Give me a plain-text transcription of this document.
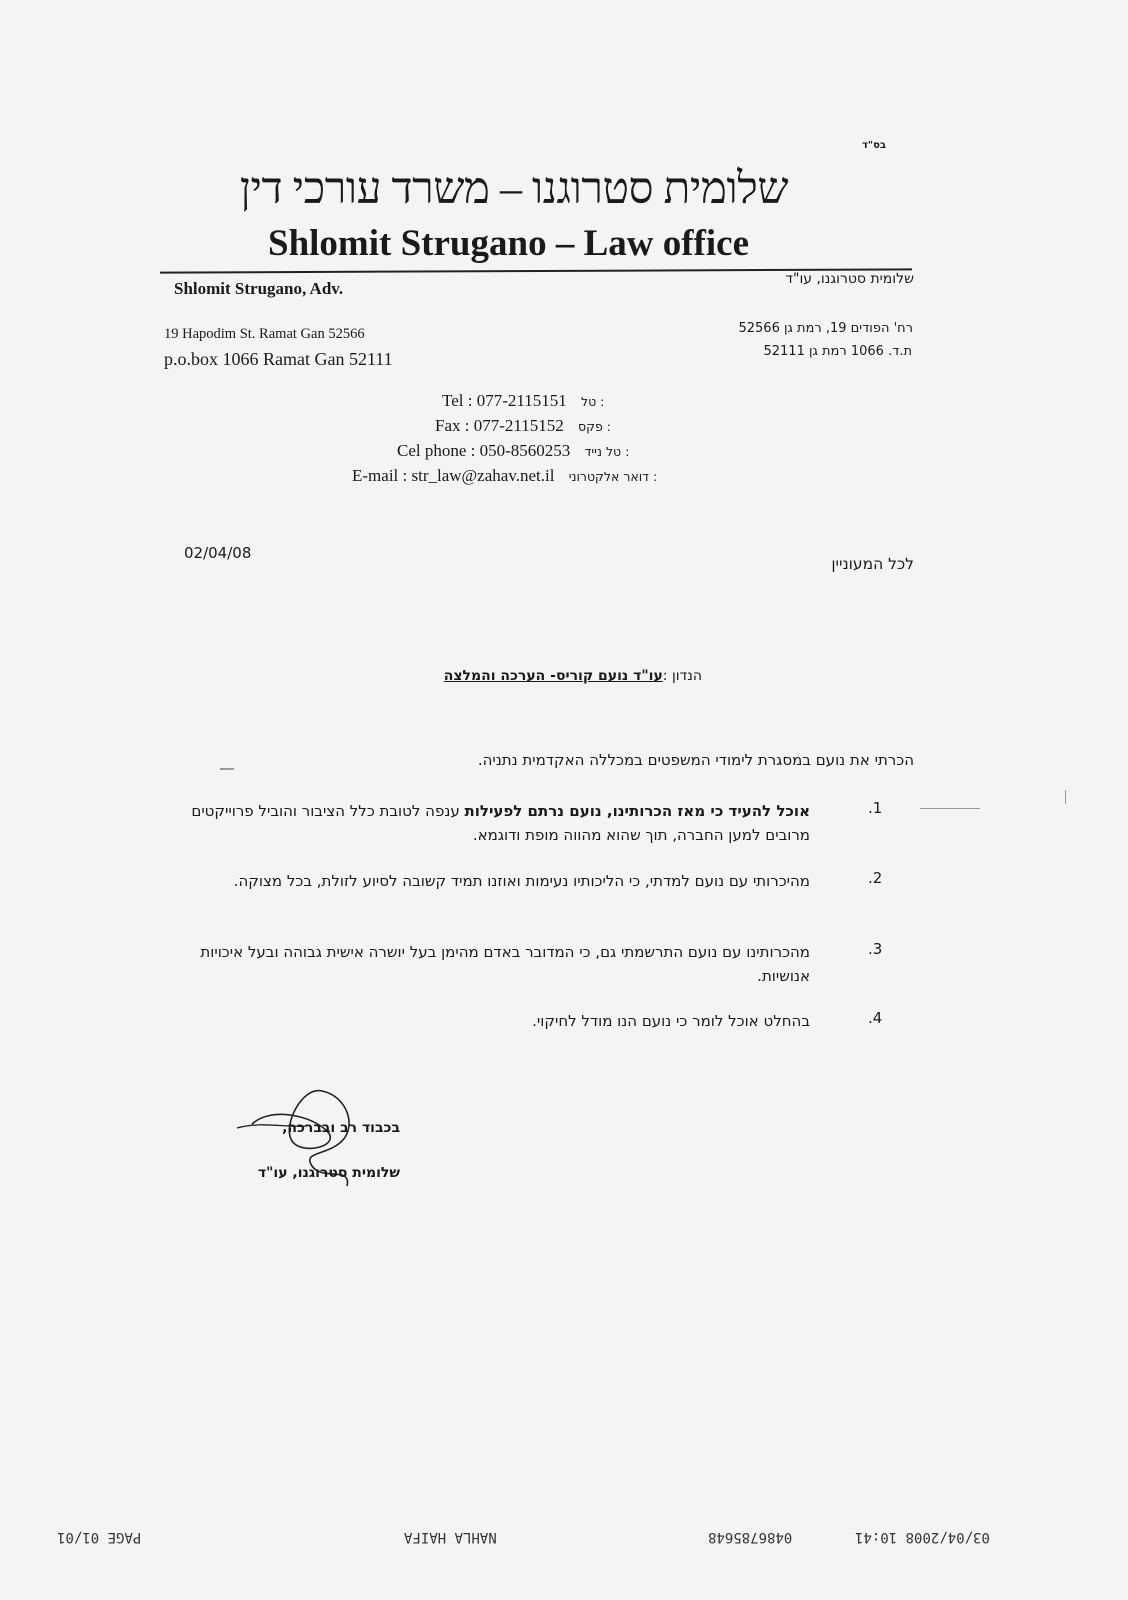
בס"ד
שלומית סטרוגנו – משרד עורכי דין
Shlomit Strugano – Law office
Shlomit Strugano, Adv.	שלומית סטרוגנו, עו"ד
19 Hapodim St. Ramat Gan 52566
p.o.box 1066 Ramat Gan 52111
רח' הפודים 19, רמת גן 52566
ת.ד. 1066 רמת גן 52111
Tel : 077-2115151 : טל
Fax : 077-2115152 : פקס
Cel phone : 050-8560253 : טל נייד
E-mail : str_law@zahav.net.il : דואר אלקטרוני
02/04/08
לכל המעוניין
הנדון :עו"ד נועם קוריס- הערכה והמלצה
הכרתי את נועם במסגרת לימודי המשפטים במכללה האקדמית נתניה.
.1
אוכל להעיד כי מאז הכרותינו, נועם נרתם לפעילות ענפה לטובת כלל הציבור והוביל פרוייקטים מרובים למען החברה, תוך שהוא מהווה מופת ודוגמא.
.2
מהיכרותי עם נועם למדתי, כי הליכותיו נעימות ואוזנו תמיד קשובה לסיוע לזולת, בכל מצוקה.
.3
מהכרותינו עם נועם התרשמתי גם, כי המדובר באדם מהימן בעל יושרה אישית גבוהה ובעל איכויות אנושיות.
.4
בהחלט אוכל לומר כי נועם הנו מודל לחיקוי.
בכבוד רב ובברכה,
שלומית סטרוגנו, עו"ד
PAGE 01/01	NAHLA HAIFA	0486785648	03/04/2008 10:41
